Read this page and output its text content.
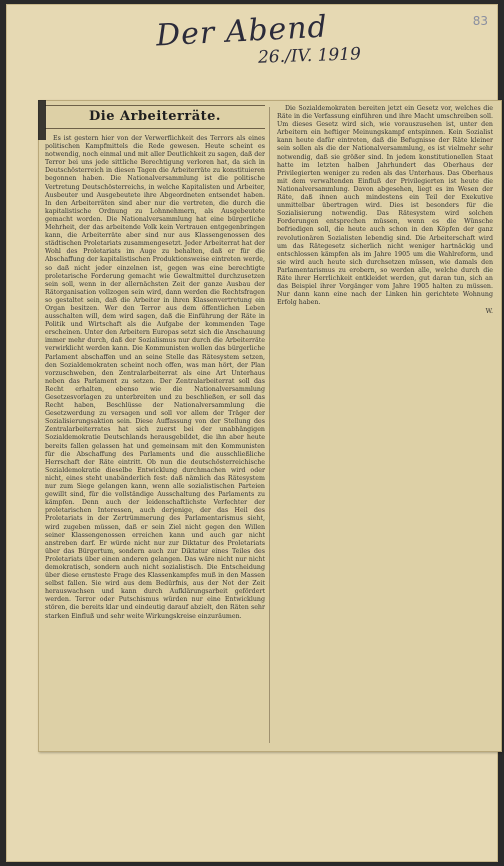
Der Abend
26./IV. 1919
83
Die Arbeiterräte.

Es ist gestern hier von der Verwerflichkeit des Terrors als eines politischen Kampfmittels die Rede gewesen. Heute scheint es notwendig, noch einmal und mit aller Deutlichkeit zu sagen, daß der Terror bei uns jede sittliche Berechtigung verloren hat, da sich in Deutschösterreich in diesen Tagen die Arbeiterräte zu konstituieren begonnen haben. Die Nationalversammlung ist die politische Vertretung Deutschösterreichs, in welche Kapitalisten und Arbeiter, Ausbeuter und Ausgebeutete ihre Abgeordneten entsendet haben. In den Arbeiterräten sind aber nur die vertreten, die durch die kapitalistische Ordnung zu Lohnnehmern, als Ausgebeutete gemacht worden. Die Nationalversammlung hat eine bürgerliche Mehrheit, der das arbeitende Volk kein Vertrauen entgegenbringen kann, die Arbeiterräte aber sind nur aus Klassengenossen des städtischen Proletariats zusammengesetzt. Jeder Arbeiterrat hat der Wohl des Proletariats im Auge zu behalten, daß er für die Abschaffung der kapitalistischen Produktionsweise eintreten werde, so daß nicht jeder einzelnen ist, gegen was eine berechtigte proletarische Forderung gemacht wie Gewaltmittel durchzusetzen sein soll, wenn in der allernächsten Zeit der ganze Ausbau der Rätorganisation vollzogen sein wird, dann werden die Rechtsfragen so gestaltet sein, daß die Arbeiter in ihren Klassenvertretung ein Organ besitzen. Wer den Terror aus dem öffentlichen Leben ausschalten will, dem wird sagen, daß die Einführung der Räte in Politik und Wirtschaft als die Aufgabe der kommenden Tage erscheinen. Unter den Arbeitern Europas setzt sich die Anschauung immer mehr durch, daß der Sozialismus nur durch die Arbeiterräte verwirklicht werden kann. Die Kommunisten wollen das bürgerliche Parlament abschaffen und an seine Stelle das Rätesystem setzen, den Sozialdemokraten scheint noch offen, was man hört, der Plan vorzuschweben, den Zentralarbeiterrat als eine Art Unterhaus neben das Parlament zu setzen. Der Zentralarbeiterrat soll das Recht erhalten, ebenso wie die Nationalversammlung Gesetzesvorlagen zu unterbreiten und zu beschließen, er soll das Recht haben, Beschlüsse der Nationalversammlung die Gesetzwerdung zu versagen und soll vor allem der Träger der Sozialisierungsaktion sein. Diese Auffassung von der Stellung des Zentralarbeiterrates hat sich zuerst bei der unabhängigen Sozialdemokratie Deutschlands herausgebildet, die ihn aber heute bereits fallen gelassen hat und gemeinsam mit den Kommunisten für die Abschaffung des Parlaments und die ausschließliche Herrschaft der Räte eintritt. Ob nun die deutschösterreichische Sozialdemokratie dieselbe Entwicklung durchmachen wird oder nicht, eines steht unabänderlich fest: daß nämlich das Rätesystem nur zum Siege gelangen kann, wenn alle sozialistischen Parteien gewillt sind, für die vollständige Ausschaltung des Parlaments zu kämpfen. Denn auch der leidenschaftlichste Verfechter der proletarischen Interessen, auch derjenige, der das Heil des Proletariats in der Zertrümmerung des Parlamentarismus sieht, wird zugeben müssen, daß er sein Ziel nicht gegen den Willen seiner Klassengenossen erreichen kann und auch gar nicht anstreben darf. Er würde nicht nur zur Diktatur des Proletariats über das Bürgertum, sondern auch zur Diktatur eines Teiles des Proletariats über einen anderen gelangen. Das wäre nicht nur nicht demokratisch, sondern auch nicht sozialistisch. Die Entscheidung über diese ernsteste Frage des Klassenkampfes muß in den Massen selbst fallen. Sie wird aus dem Bedürfnis, aus der Not der Zeit herauswachsen und kann durch Aufklärungsarbeit gefördert werden. Terror oder Putschismus würden nur eine Entwicklung stören, die bereits klar und eindeutig darauf abzielt, den Räten sehr starken Einfluß und sehr weite Wirkungskreise einzuräumen.

Die Sozialdemokraten bereiten jetzt ein Gesetz vor, welches die Räte in die Verfassung einführen und ihre Macht umschreiben soll. Um dieses Gesetz wird sich, wie vorauszusehen ist, unter den Arbeitern ein heftiger Meinungskampf entspinnen. Kein Sozialist kann heute dafür eintreten, daß die Befugnisse der Räte kleiner sein sollen als die der Nationalversammlung, es ist vielmehr sehr notwendig, daß sie größer sind. In jedem konstitutionellen Staat hatte im letzten halben Jahrhundert das Oberhaus der Privilegierten weniger zu reden als das Unterhaus. Das Oberhaus mit dem verwaltenden Einfluß der Privilegierten ist heute die Nationalversammlung. Davon abgesehen, liegt es im Wesen der Räte, daß ihnen auch mindestens ein Teil der Exekutive unmittelbar übertragen wird. Dies ist besonders für die Sozialisierung notwendig. Das Rätesystem wird solchen Forderungen entsprechen müssen, wenn es die Wünsche befriedigen soll, die heute auch schon in den Köpfen der ganz revolutionären Sozialisten lebendig sind. Die Arbeiterschaft wird um das Rätegesetz sicherlich nicht weniger hartnäckig und entschlossen kämpfen als im Jahre 1905 um die Wahlreform, und sie wird auch heute sich durchsetzen müssen, wie damals den Parlamentarismus zu erobern, so werden alle, welche durch die Räte ihrer Herrlichkeit entkleidet werden, gut daran tun, sich an das Beispiel ihrer Vorgänger vom Jahre 1905 halten zu müssen. Nur dann kann eine nach der Linken hin gerichtete Wohnung Erfolg haben.

W.
